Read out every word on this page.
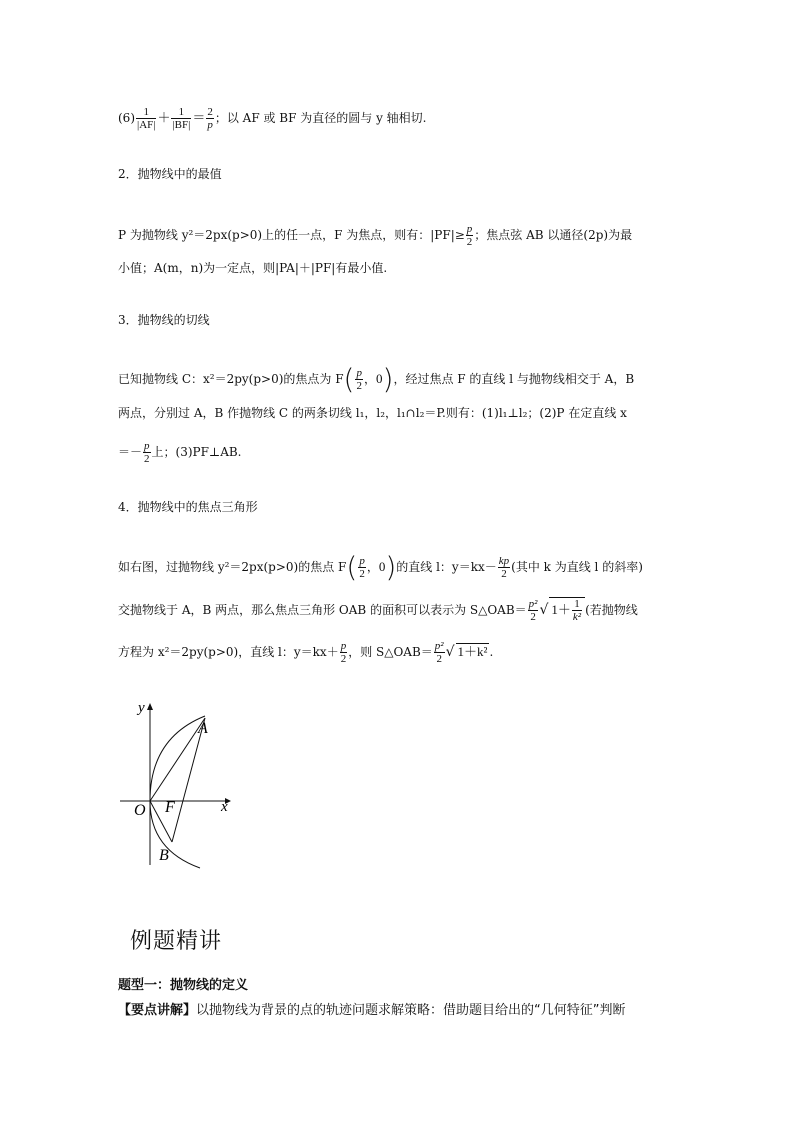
$(6) \frac{1}{|AF|} + \frac{1}{|BF|} = \frac{2}{p}$ ；以 AF 或 BF 为直径的圆与 y 轴相切.
2．抛物线中的最值
P 为抛物线 y²＝2px(p>0)上的任一点，F 为焦点，则有：$|PF|\ge \frac{p}{2}$ ；焦点弦 AB 以通径(2p)为最
小值；A(m，n)为一定点，则|PA|＋|PF|有最小值.
3．抛物线的切线
已知抛物线 C：x²＝2py(p>0)的焦点为 $F( \frac{p}{2}$ ，0)，经过焦点 F 的直线 l 与抛物线相交于 A，B
两点，分别过 A，B 作抛物线 C 的两条切线 l₁，l₂，l₁∩l₂＝P.则有：(1)l₁⊥l₂；(2)P 在定直线 x
＝－ $\frac{p}{2}$ 上；(3)PF⊥AB.
4．抛物线中的焦点三角形
如右图，过抛物线 y²＝2px(p>0)的焦点 $F( \frac{p}{2}$ ，0)的直线 l：$y=kx- \frac{kp}{2}$ (其中 k 为直线 l 的斜率)
交抛物线于 A，B 两点，那么焦点三角形 OAB 的面积可以表示为 S△OAB＝ $\frac{\text{p²}}{2}$ √ $1+ \frac{1}{\text{k²}}$ (若抛物线
方程为 x²＝2py(p>0)，直线 l：$y=kx+ \frac{p}{2}$ ，则 S△OAB＝ $\frac{\text{p²}}{2}$ √ 1＋k² .
y
x
O F
A
B
例题精讲
题型一：抛物线的定义
【要点讲解】以抛物线为背景的点的轨迹问题求解策略：借助题目给出的“几何特征”判断
